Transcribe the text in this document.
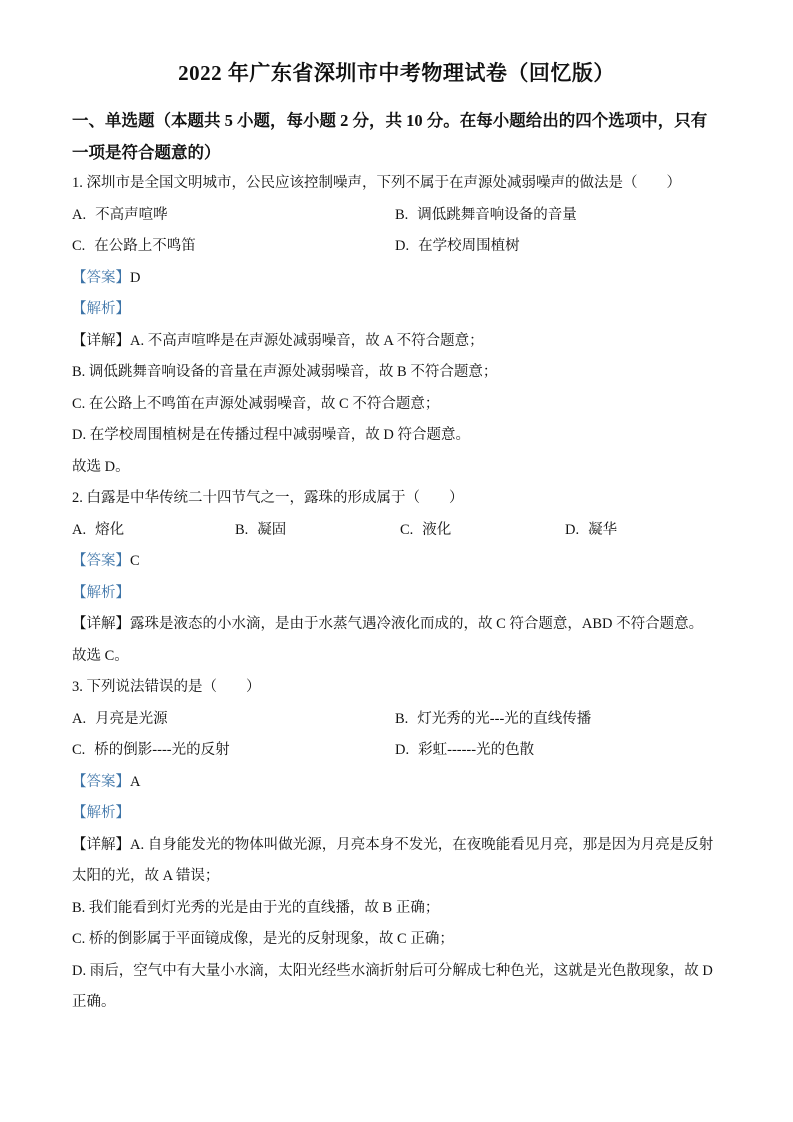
2022 年广东省深圳市中考物理试卷（回忆版）
一、单选题（本题共 5 小题，每小题 2 分，共 10 分。在每小题给出的四个选项中，只有一项是符合题意的）

1. 深圳市是全国文明城市，公民应该控制噪声，下列不属于在声源处减弱噪声的做法是（　　）

A. 不高声喧哗	B. 调低跳舞音响设备的音量

C. 在公路上不鸣笛	D. 在学校周围植树

【答案】D

【解析】

【详解】A. 不高声喧哗是在声源处减弱噪音，故 A 不符合题意；

B. 调低跳舞音响设备的音量在声源处减弱噪音，故 B 不符合题意；

C. 在公路上不鸣笛在声源处减弱噪音，故 C 不符合题意；

D. 在学校周围植树是在传播过程中减弱噪音，故 D 符合题意。

故选 D。

2. 白露是中华传统二十四节气之一，露珠的形成属于（　　）

A. 熔化	B. 凝固	C. 液化	D. 凝华

【答案】C

【解析】

【详解】露珠是液态的小水滴，是由于水蒸气遇冷液化而成的，故 C 符合题意，ABD 不符合题意。

故选 C。

3. 下列说法错误的是（　　）

A. 月亮是光源	B. 灯光秀的光---光的直线传播

C. 桥的倒影----光的反射	D. 彩虹------光的色散

【答案】A

【解析】

【详解】A. 自身能发光的物体叫做光源，月亮本身不发光，在夜晚能看见月亮，那是因为月亮是反射太阳的光，故 A 错误；

B. 我们能看到灯光秀的光是由于光的直线播，故 B 正确；

C. 桥的倒影属于平面镜成像，是光的反射现象，故 C 正确；

D. 雨后，空气中有大量小水滴，太阳光经些水滴折射后可分解成七种色光，这就是光色散现象，故 D 正确。
